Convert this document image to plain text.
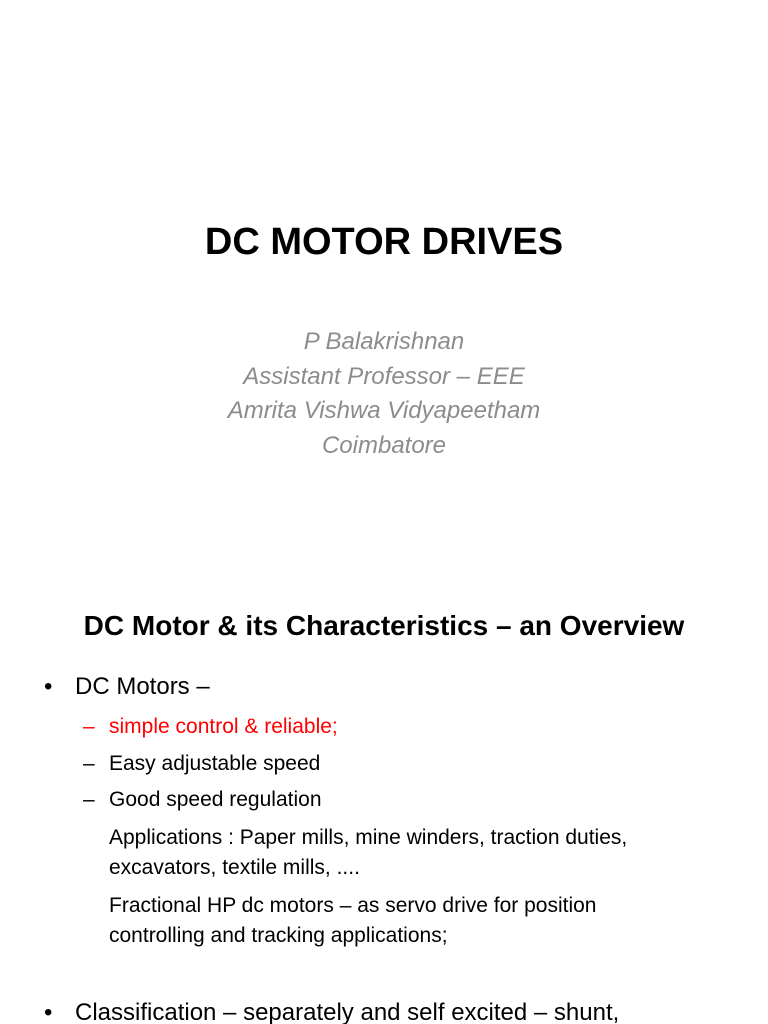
DC MOTOR DRIVES
P Balakrishnan
Assistant Professor – EEE
Amrita Vishwa Vidyapeetham
Coimbatore
DC Motor & its Characteristics – an Overview
• DC Motors –
– simple control & reliable;
– Easy adjustable speed
– Good speed regulation
Applications : Paper mills, mine winders, traction duties,
excavators, textile mills, ....
Fractional HP dc motors – as servo drive for position
controlling and tracking applications;
• Classification – separately and self excited – shunt,
